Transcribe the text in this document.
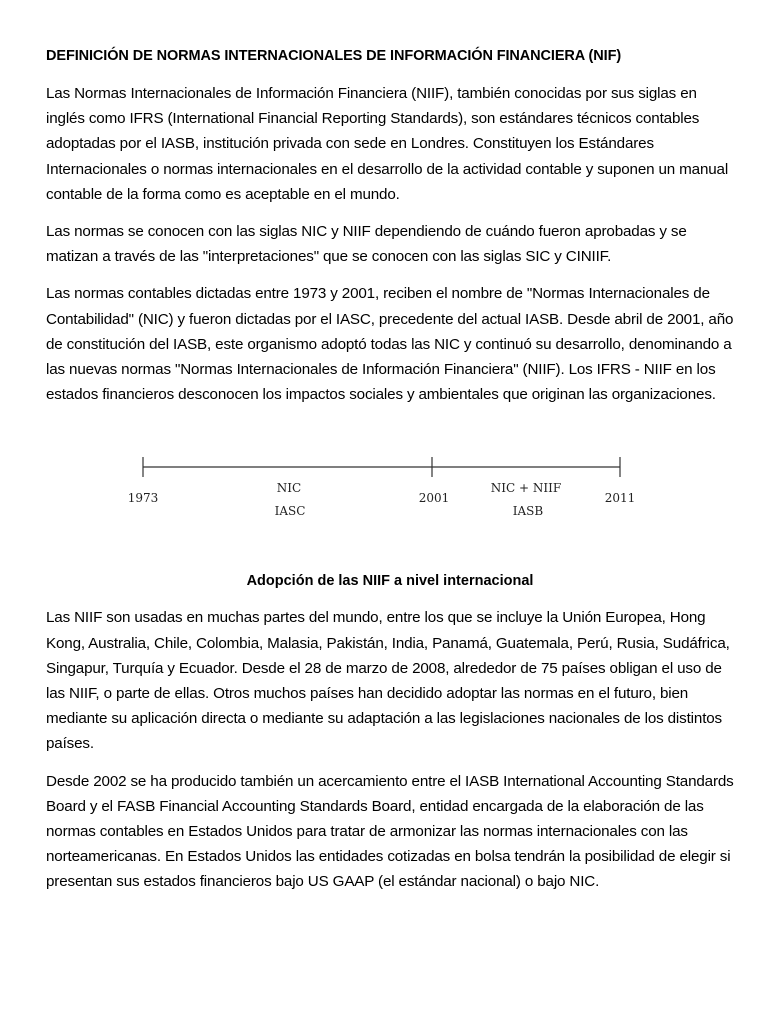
DEFINICIÓN DE NORMAS INTERNACIONALES DE INFORMACIÓN FINANCIERA (NIF)

Las Normas Internacionales de Información Financiera (NIIF), también conocidas por sus siglas en inglés como IFRS (International Financial Reporting Standards), son estándares técnicos contables adoptadas por el IASB, institución privada con sede en Londres. Constituyen los Estándares Internacionales o normas internacionales en el desarrollo de la actividad contable y suponen un manual contable de la forma como es aceptable en el mundo.

Las normas se conocen con las siglas NIC y NIIF dependiendo de cuándo fueron aprobadas y se matizan a través de las "interpretaciones" que se conocen con las siglas SIC y CINIIF.

Las normas contables dictadas entre 1973 y 2001, reciben el nombre de "Normas Internacionales de Contabilidad" (NIC) y fueron dictadas por el IASC, precedente del actual IASB. Desde abril de 2001, año de constitución del IASB, este organismo adoptó todas las NIC y continuó su desarrollo, denominando a las nuevas normas "Normas Internacionales de Información Financiera" (NIIF). Los IFRS - NIIF en los estados financieros desconocen los impactos sociales y ambientales que originan las organizaciones.

1973	2001	2011
NIC
IASC
NIC + NIIF
IASB
Adopción de las NIIF a nivel internacional

Las NIIF son usadas en muchas partes del mundo, entre los que se incluye la Unión Europea, Hong Kong, Australia, Chile, Colombia, Malasia, Pakistán, India, Panamá, Guatemala, Perú, Rusia, Sudáfrica, Singapur, Turquía y Ecuador. Desde el 28 de marzo de 2008, alrededor de 75 países obligan el uso de las NIIF, o parte de ellas. Otros muchos países han decidido adoptar las normas en el futuro, bien mediante su aplicación directa o mediante su adaptación a las legislaciones nacionales de los distintos países.

Desde 2002 se ha producido también un acercamiento entre el IASB International Accounting Standards Board y el FASB Financial Accounting Standards Board, entidad encargada de la elaboración de las normas contables en Estados Unidos para tratar de armonizar las normas internacionales con las norteamericanas. En Estados Unidos las entidades cotizadas en bolsa tendrán la posibilidad de elegir si presentan sus estados financieros bajo US GAAP (el estándar nacional) o bajo NIC.
